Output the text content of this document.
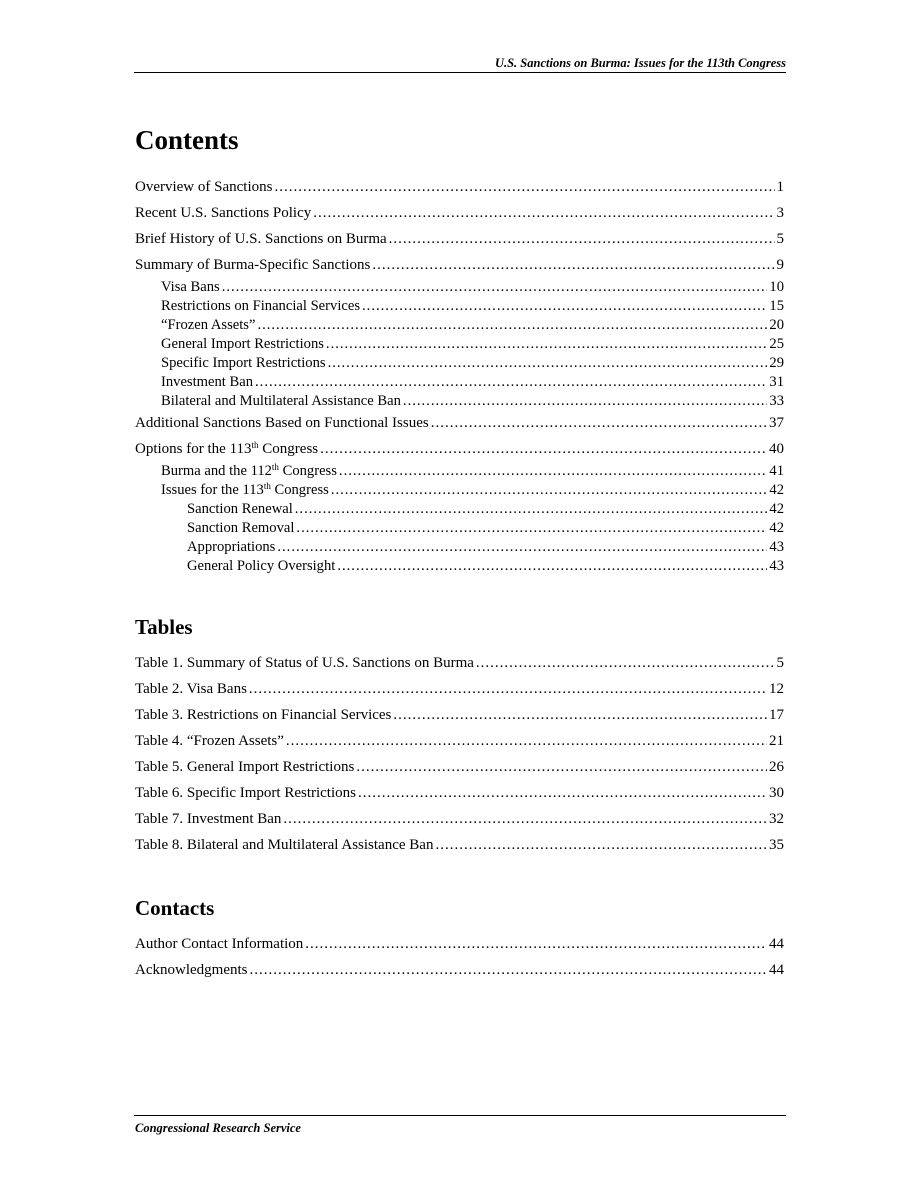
U.S. Sanctions on Burma: Issues for the 113th Congress
Contents
Overview of Sanctions .....	1
Recent U.S. Sanctions Policy .....	3
Brief History of U.S. Sanctions on Burma .....	5
Summary of Burma-Specific Sanctions .....	9
Visa Bans .....	10
Restrictions on Financial Services .....	15
“Frozen Assets” .....	20
General Import Restrictions .....	25
Specific Import Restrictions .....	29
Investment Ban .....	31
Bilateral and Multilateral Assistance Ban .....	33
Additional Sanctions Based on Functional Issues .....	37
Options for the 113th Congress .....	40
Burma and the 112th Congress .....	41
Issues for the 113th Congress .....	42
Sanction Renewal .....	42
Sanction Removal .....	42
Appropriations .....	43
General Policy Oversight .....	43
Tables
Table 1. Summary of Status of U.S. Sanctions on Burma .....	5
Table 2. Visa Bans .....	12
Table 3. Restrictions on Financial Services .....	17
Table 4. “Frozen Assets” .....	21
Table 5. General Import Restrictions .....	26
Table 6. Specific Import Restrictions .....	30
Table 7. Investment Ban .....	32
Table 8. Bilateral and Multilateral Assistance Ban .....	35
Contacts
Author Contact Information .....	44
Acknowledgments .....	44
Congressional Research Service
